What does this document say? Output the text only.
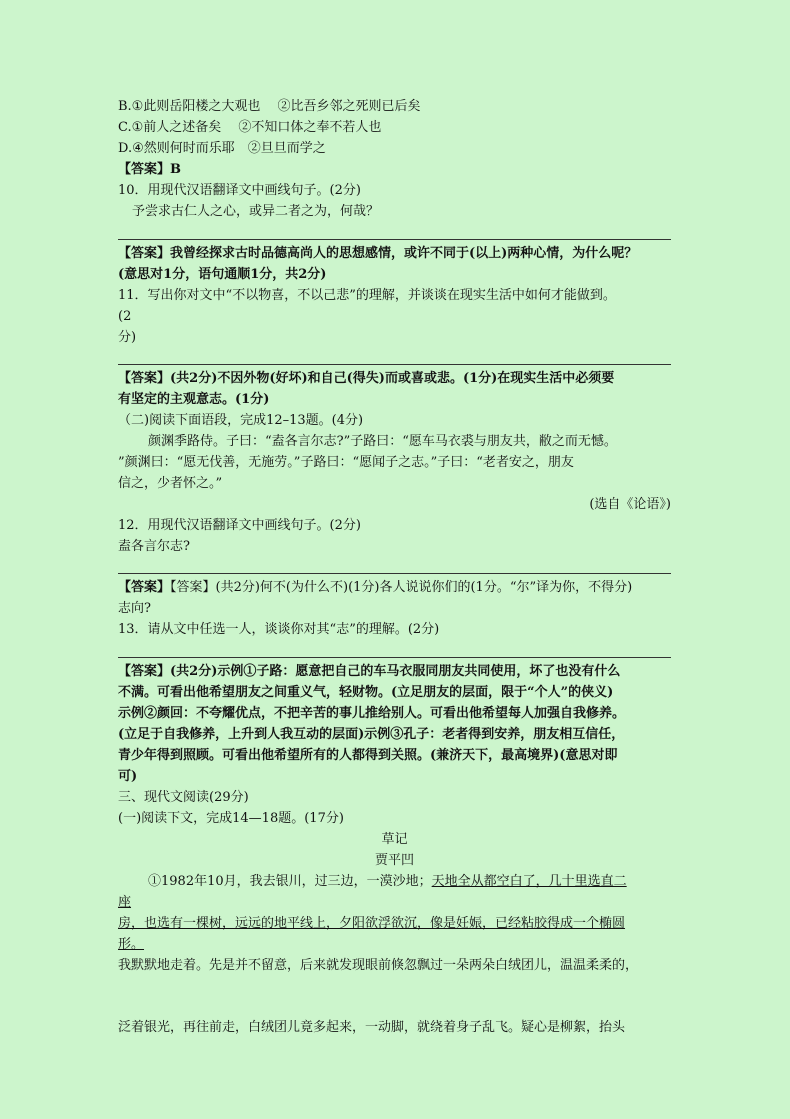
B.①此则岳阳楼之大观也　 ②比吾乡邻之死则已后矣
C.①前人之述备矣　 ②不知口体之奉不若人也
D.④然则何时而乐耶　②旦旦而学之
【答案】B
10．用现代汉语翻译文中画线句子。(2分)
予尝求古仁人之心，或异二者之为，何哉？
【答案】我曾经探求古时品德高尚人的思想感情，或许不同于(以上)两种心情，为什么呢？
(意思对1分，语句通顺1分，共2分)
11．写出你对文中“不以物喜，不以己悲”的理解，并谈谈在现实生活中如何才能做到。
(2
分)
【答案】(共2分)不因外物(好坏)和自己(得失)而或喜或悲。(1分)在现实生活中必须要
有坚定的主观意志。(1分)
（二)阅读下面语段，完成12–13题。(4分)
颜渊季路侍。子曰：“盍各言尔志?”子路曰：“愿车马衣裘与朋友共，敝之而无憾。
”颜渊曰：“愿无伐善，无施劳。”子路曰：“愿闻子之志。”子曰：“老者安之，朋友
信之，少者怀之。”
(选自《论语》)
12．用现代汉语翻译文中画线句子。(2分)
盍各言尔志?
【答案】【答案】(共2分)何不(为什么不)(1分)各人说说你们的(1分。“尔”译为你，不得分)
志向?
13．请从文中任选一人，谈谈你对其“志”的理解。(2分)
【答案】(共2分)示例①子路：愿意把自己的车马衣服同朋友共同使用，坏了也没有什么
不满。可看出他希望朋友之间重义气，轻财物。(立足朋友的层面，限于“个人”的侠义)
示例②颜回：不夸耀优点，不把辛苦的事儿推给别人。可看出他希望每人加强自我修养。
(立足于自我修养，上升到人我互动的层面)示例③孔子：老者得到安养，朋友相互信任，
青少年得到照顾。可看出他希望所有的人都得到关照。(兼济天下，最高境界)(意思对即
可)
三、现代文阅读(29分)
(一)阅读下文，完成14—18题。(17分)
草记
贾平凹
①1982年10月，我去银川，过三边，一漠沙地；天地全从都空白了，几十里选直二
座
房，也选有一棵树，远远的地平线上，夕阳欲浮欲沉，像是妊娠，已经粘胶得成一个椭圆
形。
我默默地走着。先是并不留意，后来就发现眼前倏忽飘过一朵两朵白绒团儿，温温柔柔的，
泛着银光，再往前走，白绒团儿竟多起来，一动脚，就绕着身子乱飞。疑心是柳絮，抬头
